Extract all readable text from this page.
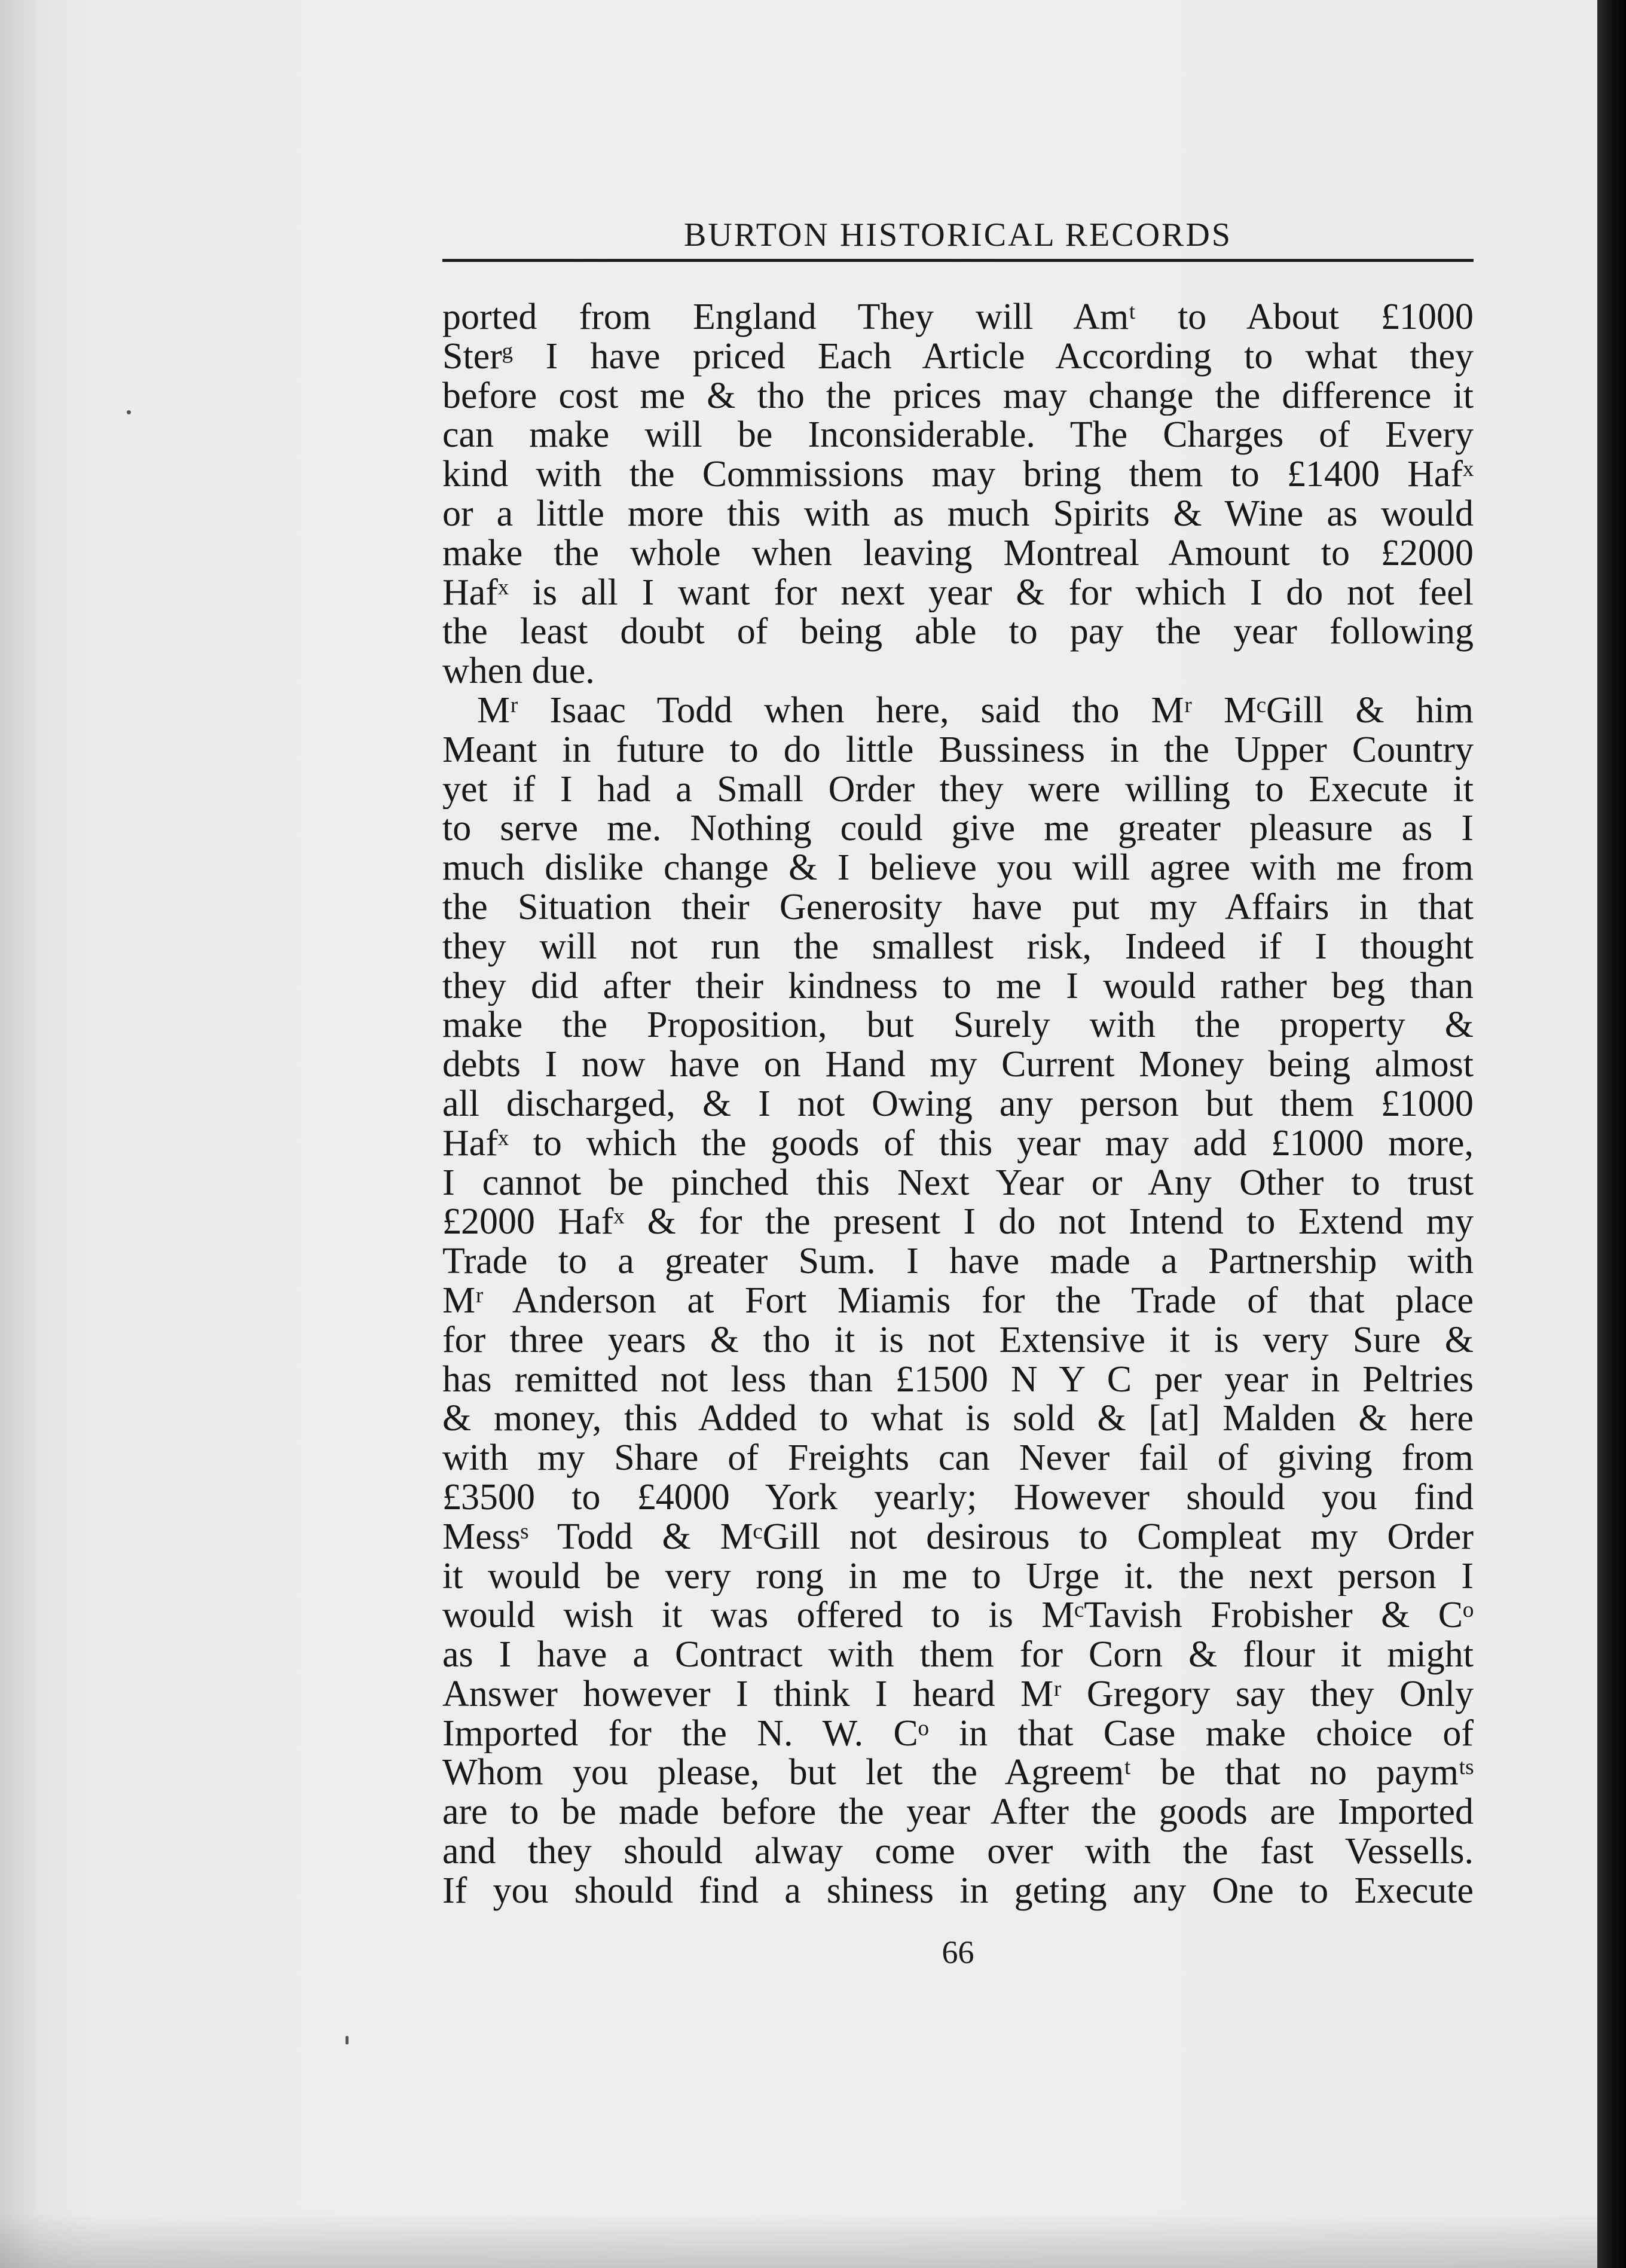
BURTON HISTORICAL RECORDS
ported from England They will Amᵗ to About £1000
Sterᵍ I have priced Each Article According to what they
before cost me & tho the prices may change the difference it
can make will be Inconsiderable. The Charges of Every
kind with the Commissions may bring them to £1400 Hafˣ
or a little more this with as much Spirits & Wine as would
make the whole when leaving Montreal Amount to £2000
Hafˣ is all I want for next year & for which I do not feel
the least doubt of being able to pay the year following
when due.
Mʳ Isaac Todd when here, said tho Mʳ MᶜGill & him
Meant in future to do little Bussiness in the Upper Country
yet if I had a Small Order they were willing to Execute it
to serve me. Nothing could give me greater pleasure as I
much dislike change & I believe you will agree with me from
the Situation their Generosity have put my Affairs in that
they will not run the smallest risk, Indeed if I thought
they did after their kindness to me I would rather beg than
make the Proposition, but Surely with the property &
debts I now have on Hand my Current Money being almost
all discharged, & I not Owing any person but them £1000
Hafˣ to which the goods of this year may add £1000 more,
I cannot be pinched this Next Year or Any Other to trust
£2000 Hafˣ & for the present I do not Intend to Extend my
Trade to a greater Sum. I have made a Partnership with
Mʳ Anderson at Fort Miamis for the Trade of that place
for three years & tho it is not Extensive it is very Sure &
has remitted not less than £1500 N Y C per year in Peltries
& money, this Added to what is sold & [at] Malden & here
with my Share of Freights can Never fail of giving from
£3500 to £4000 York yearly; However should you find
Messˢ Todd & MᶜGill not desirous to Compleat my Order
it would be very rong in me to Urge it. the next person I
would wish it was offered to is MᶜTavish Frobisher & Cᵒ
as I have a Contract with them for Corn & flour it might
Answer however I think I heard Mʳ Gregory say they Only
Imported for the N. W. Cᵒ in that Case make choice of
Whom you please, but let the Agreemᵗ be that no paymᵗˢ
are to be made before the year After the goods are Imported
and they should alway come over with the fast Vessells.
If you should find a shiness in geting any One to Execute
66
